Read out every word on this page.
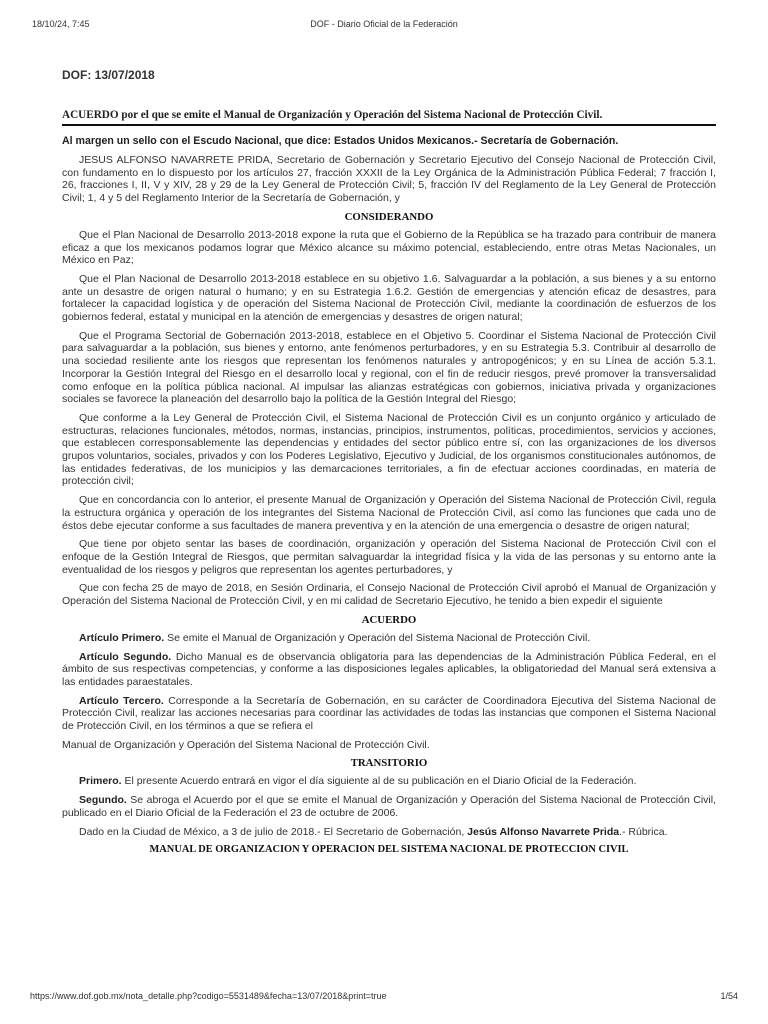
18/10/24, 7:45	DOF - Diario Oficial de la Federación
DOF: 13/07/2018
ACUERDO por el que se emite el Manual de Organización y Operación del Sistema Nacional de Protección Civil.
Al margen un sello con el Escudo Nacional, que dice: Estados Unidos Mexicanos.- Secretaría de Gobernación.

JESUS ALFONSO NAVARRETE PRIDA, Secretario de Gobernación y Secretario Ejecutivo del Consejo Nacional de Protección Civil, con fundamento en lo dispuesto por los artículos 27, fracción XXXII de la Ley Orgánica de la Administración Pública Federal; 7 fracción I, 26, fracciones I, II, V y XIV, 28 y 29 de la Ley General de Protección Civil; 5, fracción IV del Reglamento de la Ley General de Protección Civil; 1, 4 y 5 del Reglamento Interior de la Secretaría de Gobernación, y

CONSIDERANDO

Que el Plan Nacional de Desarrollo 2013-2018 expone la ruta que el Gobierno de la República se ha trazado para contribuir de manera eficaz a que los mexicanos podamos lograr que México alcance su máximo potencial, estableciendo, entre otras Metas Nacionales, un México en Paz;

Que el Plan Nacional de Desarrollo 2013-2018 establece en su objetivo 1.6. Salvaguardar a la población, a sus bienes y a su entorno ante un desastre de origen natural o humano; y en su Estrategia 1.6.2. Gestión de emergencias y atención eficaz de desastres, para fortalecer la capacidad logística y de operación del Sistema Nacional de Protección Civil, mediante la coordinación de esfuerzos de los gobiernos federal, estatal y municipal en la atención de emergencias y desastres de origen natural;

Que el Programa Sectorial de Gobernación 2013-2018, establece en el Objetivo 5. Coordinar el Sistema Nacional de Protección Civil para salvaguardar a la población, sus bienes y entorno, ante fenómenos perturbadores, y en su Estrategia 5.3. Contribuir al desarrollo de una sociedad resiliente ante los riesgos que representan los fenómenos naturales y antropogénicos; y en su Línea de acción 5.3.1. Incorporar la Gestión Integral del Riesgo en el desarrollo local y regional, con el fin de reducir riesgos, prevé promover la transversalidad como enfoque en la política pública nacional. Al impulsar las alianzas estratégicas con gobiernos, iniciativa privada y organizaciones sociales se favorece la planeación del desarrollo bajo la política de la Gestión Integral del Riesgo;

Que conforme a la Ley General de Protección Civil, el Sistema Nacional de Protección Civil es un conjunto orgánico y articulado de estructuras, relaciones funcionales, métodos, normas, instancias, principios, instrumentos, políticas, procedimientos, servicios y acciones, que establecen corresponsablemente las dependencias y entidades del sector público entre sí, con las organizaciones de los diversos grupos voluntarios, sociales, privados y con los Poderes Legislativo, Ejecutivo y Judicial, de los organismos constitucionales autónomos, de las entidades federativas, de los municipios y las demarcaciones territoriales, a fin de efectuar acciones coordinadas, en materia de protección civil;

Que en concordancia con lo anterior, el presente Manual de Organización y Operación del Sistema Nacional de Protección Civil, regula la estructura orgánica y operación de los integrantes del Sistema Nacional de Protección Civil, así como las funciones que cada uno de éstos debe ejecutar conforme a sus facultades de manera preventiva y en la atención de una emergencia o desastre de origen natural;

Que tiene por objeto sentar las bases de coordinación, organización y operación del Sistema Nacional de Protección Civil con el enfoque de la Gestión Integral de Riesgos, que permitan salvaguardar la integridad física y la vida de las personas y su entorno ante la eventualidad de los riesgos y peligros que representan los agentes perturbadores, y

Que con fecha 25 de mayo de 2018, en Sesión Ordinaria, el Consejo Nacional de Protección Civil aprobó el Manual de Organización y Operación del Sistema Nacional de Protección Civil, y en mi calidad de Secretario Ejecutivo, he tenido a bien expedir el siguiente

ACUERDO

Artículo Primero. Se emite el Manual de Organización y Operación del Sistema Nacional de Protección Civil.

Artículo Segundo. Dicho Manual es de observancia obligatoria para las dependencias de la Administración Pública Federal, en el ámbito de sus respectivas competencias, y conforme a las disposiciones legales aplicables, la obligatoriedad del Manual será extensiva a las entidades paraestatales.

Artículo Tercero. Corresponde a la Secretaría de Gobernación, en su carácter de Coordinadora Ejecutiva del Sistema Nacional de Protección Civil, realizar las acciones necesarias para coordinar las actividades de todas las instancias que componen el Sistema Nacional de Protección Civil, en los términos a que se refiera el

Manual de Organización y Operación del Sistema Nacional de Protección Civil.

TRANSITORIO

Primero. El presente Acuerdo entrará en vigor el día siguiente al de su publicación en el Diario Oficial de la Federación.

Segundo. Se abroga el Acuerdo por el que se emite el Manual de Organización y Operación del Sistema Nacional de Protección Civil, publicado en el Diario Oficial de la Federación el 23 de octubre de 2006.

Dado en la Ciudad de México, a 3 de julio de 2018.- El Secretario de Gobernación, Jesús Alfonso Navarrete Prida.- Rúbrica.

MANUAL DE ORGANIZACION Y OPERACION DEL SISTEMA NACIONAL DE PROTECCION CIVIL
https://www.dof.gob.mx/nota_detalle.php?codigo=5531489&fecha=13/07/2018&print=true	1/54
